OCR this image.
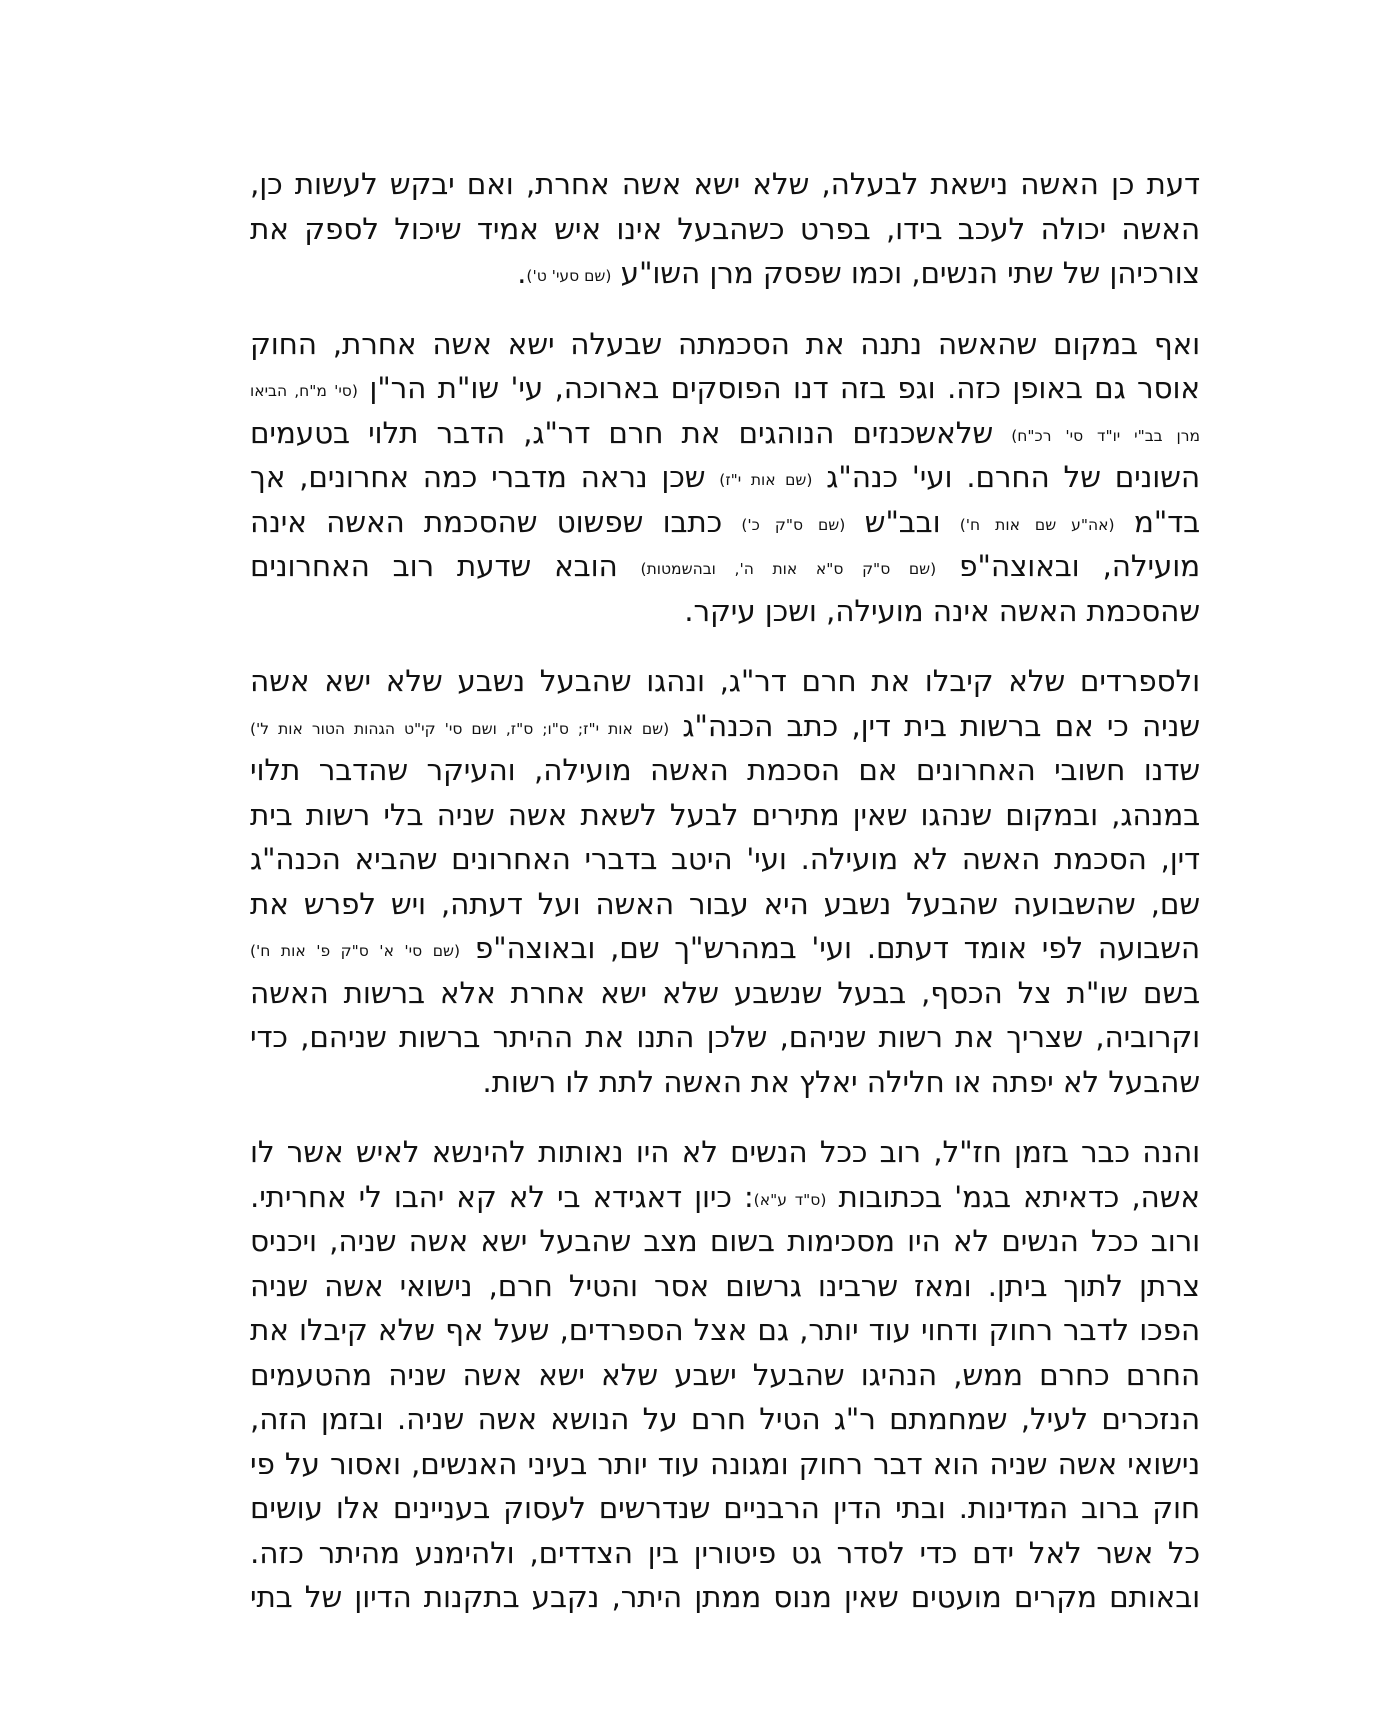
דעת כן האשה נישאת לבעלה, שלא ישא אשה אחרת, ואם יבקש לעשות כן,
האשה יכולה לעכב בידו, בפרט כשהבעל אינו איש אמיד שיכול לספק את
צורכיהן של שתי הנשים, וכמו שפסק מרן השו"ע (שם סעי' ט').
ואף במקום שהאשה נתנה את הסכמתה שבעלה ישא אשה אחרת, החוק
אוסר גם באופן כזה. וגפ בזה דנו הפוסקים בארוכה, עי' שו"ת הר"ן (סי' מ"ח, הביאו
מרן בב"י יו"ד סי' רכ"ח) שלאשכנזים הנוהגים את חרם דר"ג, הדבר תלוי בטעמים
השונים של החרם. ועי' כנה"ג (שם אות י"ז) שכן נראה מדברי כמה אחרונים, אך
בד"מ (אה"ע שם אות ח') ובב"ש (שם ס"ק כ') כתבו שפשוט שהסכמת האשה אינה
מועילה, ובאוצה"פ (שם ס"ק ס"א אות ה', ובהשמטות) הובא שדעת רוב האחרונים
שהסכמת האשה אינה מועילה, ושכן עיקר.
ולספרדים שלא קיבלו את חרם דר"ג, ונהגו שהבעל נשבע שלא ישא אשה
שניה כי אם ברשות בית דין, כתב הכנה"ג (שם אות י"ז; ס"ו; ס"ז, ושם סי' קי"ט הגהות הטור אות ל')
שדנו חשובי האחרונים אם הסכמת האשה מועילה, והעיקר שהדבר תלוי
במנהג, ובמקום שנהגו שאין מתירים לבעל לשאת אשה שניה בלי רשות בית
דין, הסכמת האשה לא מועילה. ועי' היטב בדברי האחרונים שהביא הכנה"ג
שם, שהשבועה שהבעל נשבע היא עבור האשה ועל דעתה, ויש לפרש את
השבועה לפי אומד דעתם. ועי' במהרש"ך שם, ובאוצה"פ (שם סי' א' ס"ק פ' אות ח')
בשם שו"ת צל הכסף, בבעל שנשבע שלא ישא אחרת אלא ברשות האשה
וקרוביה, שצריך את רשות שניהם, שלכן התנו את ההיתר ברשות שניהם, כדי
שהבעל לא יפתה או חלילה יאלץ את האשה לתת לו רשות.
והנה כבר בזמן חז"ל, רוב ככל הנשים לא היו נאותות להינשא לאיש אשר לו
אשה, כדאיתא בגמ' בכתובות (ס"ד ע"א): כיון דאגידא בי לא קא יהבו לי אחריתי.
ורוב ככל הנשים לא היו מסכימות בשום מצב שהבעל ישא אשה שניה, ויכניס
צרתן לתוך ביתן. ומאז שרבינו גרשום אסר והטיל חרם, נישואי אשה שניה
הפכו לדבר רחוק ודחוי עוד יותר, גם אצל הספרדים, שעל אף שלא קיבלו את
החרם כחרם ממש, הנהיגו שהבעל ישבע שלא ישא אשה שניה מהטעמים
הנזכרים לעיל, שמחמתם ר"ג הטיל חרם על הנושא אשה שניה. ובזמן הזה,
נישואי אשה שניה הוא דבר רחוק ומגונה עוד יותר בעיני האנשים, ואסור על פי
חוק ברוב המדינות. ובתי הדין הרבניים שנדרשים לעסוק בעניינים אלו עושים
כל אשר לאל ידם כדי לסדר גט פיטורין בין הצדדים, ולהימנע מהיתר כזה.
ובאותם מקרים מועטים שאין מנוס ממתן היתר, נקבע בתקנות הדיון של בתי
